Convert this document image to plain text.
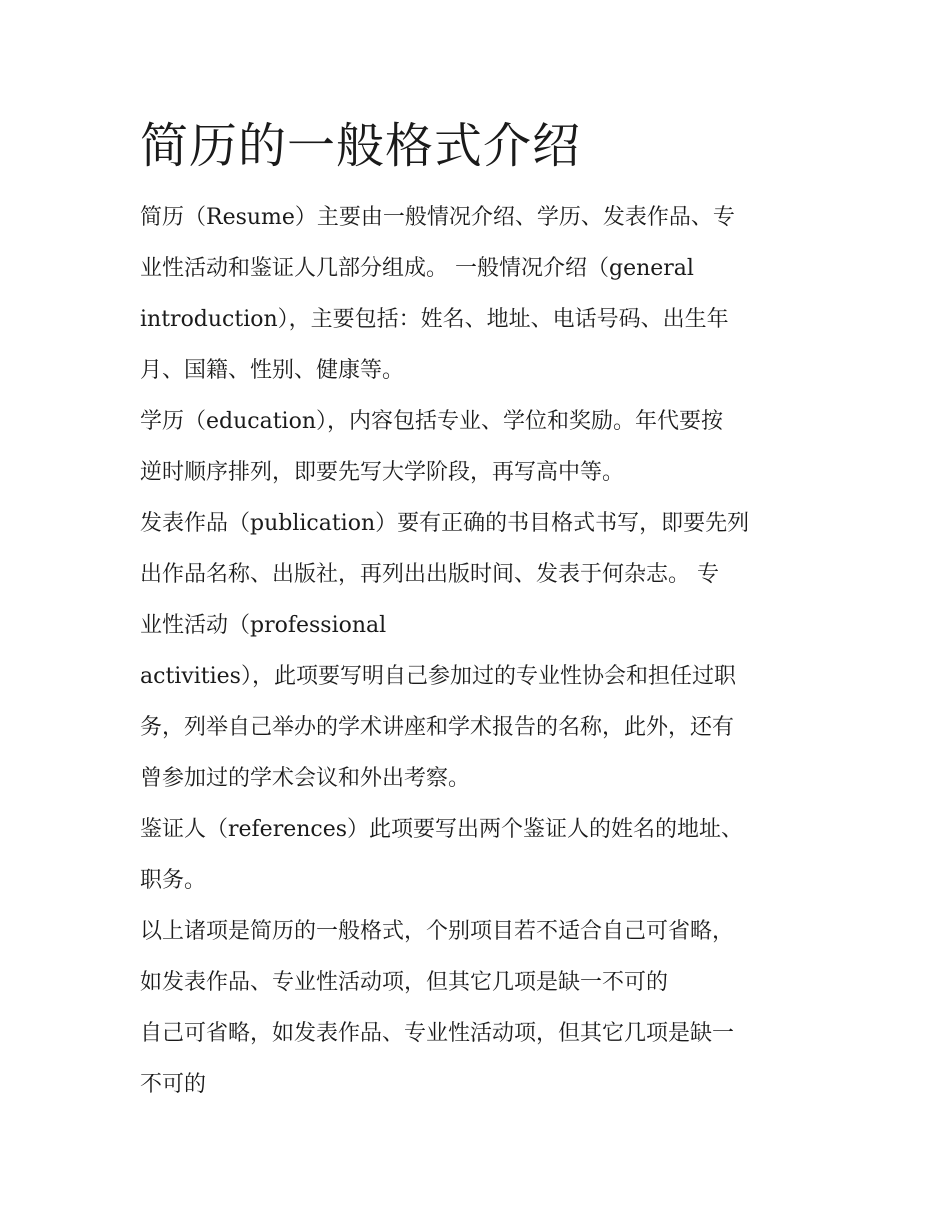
简历的一般格式介绍

简历（Resume）主要由一般情况介绍、学历、发表作品、专
业性活动和鉴证人几部分组成。 一般情况介绍（general
introduction），主要包括：姓名、地址、电话号码、出生年
月、国籍、性别、健康等。

学历（education），内容包括专业、学位和奖励。年代要按
逆时顺序排列，即要先写大学阶段，再写高中等。

发表作品（publication）要有正确的书目格式书写，即要先列
出作品名称、出版社，再列出出版时间、发表于何杂志。 专
业性活动（professional

activities），此项要写明自己参加过的专业性协会和担任过职
务，列举自己举办的学术讲座和学术报告的名称，此外，还有
曾参加过的学术会议和外出考察。

鉴证人（references）此项要写出两个鉴证人的姓名的地址、
职务。

以上诸项是简历的一般格式，个别项目若不适合自己可省略，
如发表作品、专业性活动项，但其它几项是缺一不可的

自己可省略，如发表作品、专业性活动项，但其它几项是缺一
不可的
